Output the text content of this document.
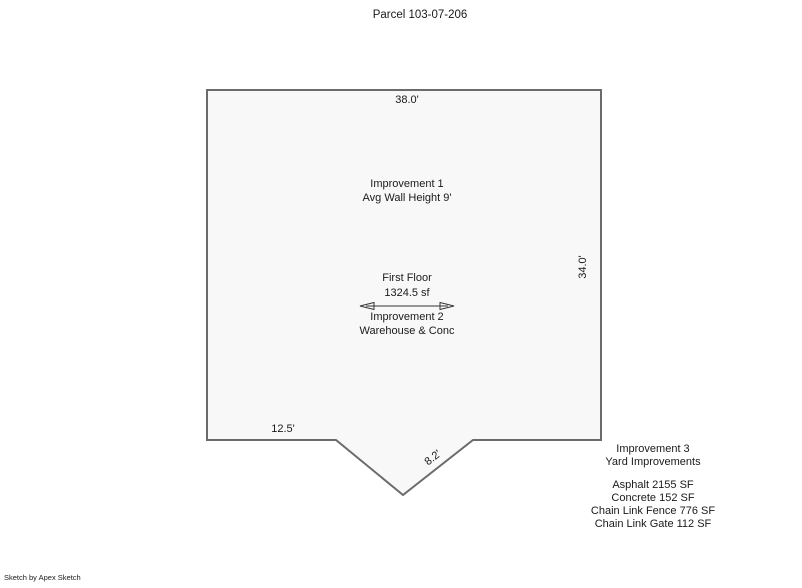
Parcel 103-07-206
38.0'
Improvement 1
Avg Wall Height 9'
First Floor
1324.5 sf
Improvement 2
Warehouse & Conc
34.0'
12.5'
8.2'	Improvement 3
Yard Improvements
Asphalt 2155 SF
Concrete 152 SF
Chain Link Fence 776 SF
Chain Link Gate 112 SF
Sketch by Apex Sketch
